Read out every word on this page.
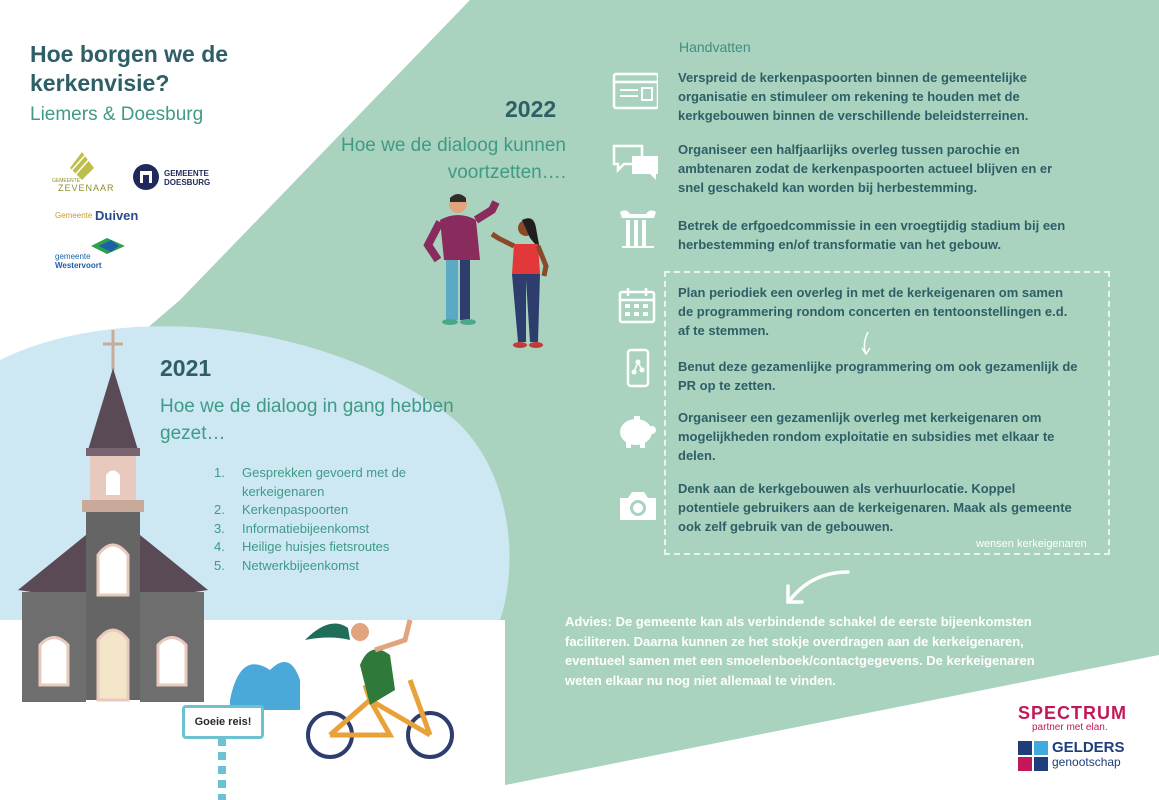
Hoe borgen we de kerkenvisie?
Liemers & Doesburg
GEMEENTE
ZEVENAAR
GEMEENTE
DOESBURG
Gemeente Duiven
gemeente
Westervoort
2022
Hoe we de dialoog kunnen voortzetten….
2021
Hoe we de dialoog in gang hebben gezet…
1. Gesprekken gevoerd met de kerkeigenaren
2. Kerkenpaspoorten
3. Informatiebijeenkomst
4. Heilige huisjes fietsroutes
5. Netwerkbijeenkomst
Goeie reis!
Handvatten
wensen kerkeigenaren
Verspreid de kerkenpaspoorten binnen de gemeentelijke organisatie en stimuleer om rekening te houden met de kerkgebouwen binnen de verschillende beleidsterreinen.
Organiseer een halfjaarlijks overleg tussen parochie en ambtenaren zodat de kerkenpaspoorten actueel blijven en er snel geschakeld kan worden bij herbestemming.
Betrek de erfgoedcommissie in een vroegtijdig stadium bij een herbestemming en/of transformatie van het gebouw.
Plan periodiek een overleg in met de kerkeigenaren om samen de programmering rondom concerten en tentoonstellingen e.d. af te stemmen.
Benut deze gezamenlijke programmering om ook gezamenlijk de PR op te zetten.
Organiseer een gezamenlijk overleg met kerkeigenaren om mogelijkheden rondom exploitatie en subsidies met elkaar te delen.
Denk aan de kerkgebouwen als verhuurlocatie. Koppel potentiele gebruikers aan de kerkeigenaren. Maak als gemeente ook zelf gebruik van de gebouwen.
Advies: De gemeente kan als verbindende schakel de eerste bijeenkomsten faciliteren. Daarna kunnen ze het stokje overdragen aan de kerkeigenaren, eventueel samen met een smoelenboek/contactgegevens. De kerkeigenaren weten elkaar nu nog niet allemaal te vinden.
SPECTRUM
partner met elan.
GELDERS
genootschap
